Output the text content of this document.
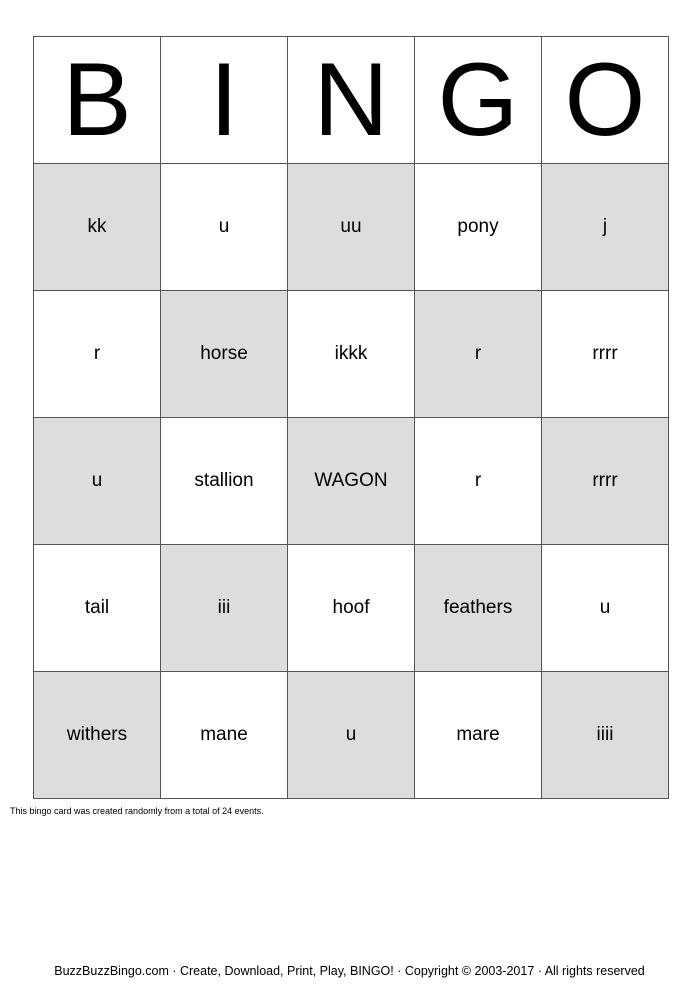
B	I	N	G	O
kk	u	uu	pony	j
r	horse	ikkk	r	rrrr
u	stallion	WAGON	r	rrrr
tail	iii	hoof	feathers	u
withers	mane	u	mare	iiii
This bingo card was created randomly from a total of 24 events.
BuzzBuzzBingo.com · Create, Download, Print, Play, BINGO! · Copyright © 2003-2017 · All rights reserved
